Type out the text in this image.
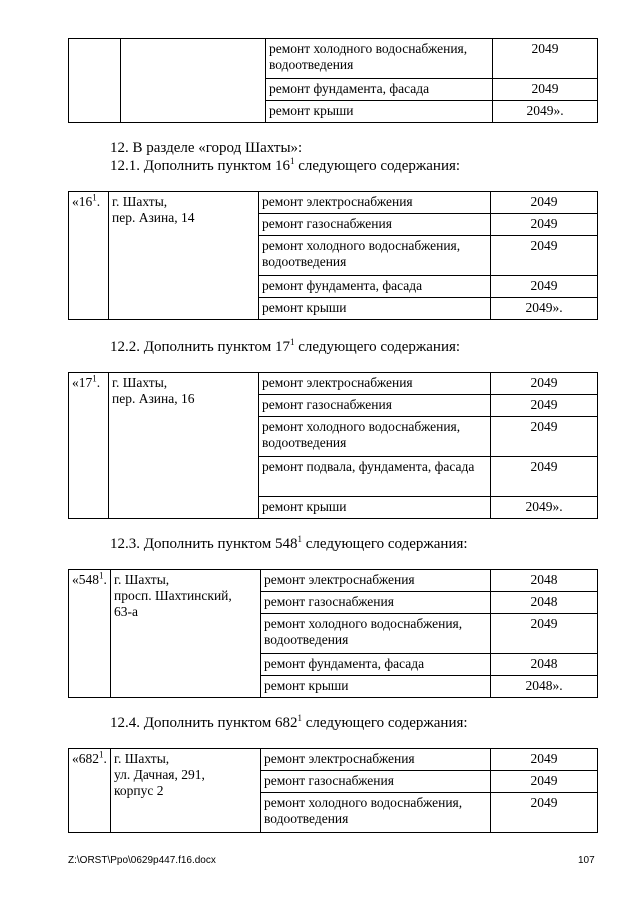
		ремонт холодного водоснабжения, водоотведения	2049
		ремонт фундамента, фасада	2049
		ремонт крыши	2049».

12. В разделе «город Шахты»:

12.1. Дополнить пунктом $16^1$ следующего содержания:

«$16^1$.	г. Шахты,
пер. Азина, 14	ремонт электроснабжения	2049
		ремонт газоснабжения	2049
		ремонт холодного водоснабжения, водоотведения	2049
		ремонт фундамента, фасада	2049
		ремонт крыши	2049».

12.2. Дополнить пунктом $17^1$ следующего содержания:

«$17^1$.	г. Шахты,
пер. Азина, 16	ремонт электроснабжения	2049
		ремонт газоснабжения	2049
		ремонт холодного водоснабжения, водоотведения	2049
		ремонт подвала, фундамента, фасада	2049
		ремонт крыши	2049».

12.3. Дополнить пунктом $548^1$ следующего содержания:

«$548^1$.	г. Шахты,
просп. Шахтинский,
63-а	ремонт электроснабжения	2048
		ремонт газоснабжения	2048
		ремонт холодного водоснабжения, водоотведения	2049
		ремонт фундамента, фасада	2048
		ремонт крыши	2048».

12.4. Дополнить пунктом $682^1$ следующего содержания:

«$682^1$.	г. Шахты,
ул. Дачная, 291,
корпус 2	ремонт электроснабжения	2049
		ремонт газоснабжения	2049
		ремонт холодного водоснабжения, водоотведения	2049
Z:\ORST\Ppo\0629p447.f16.docx	107
